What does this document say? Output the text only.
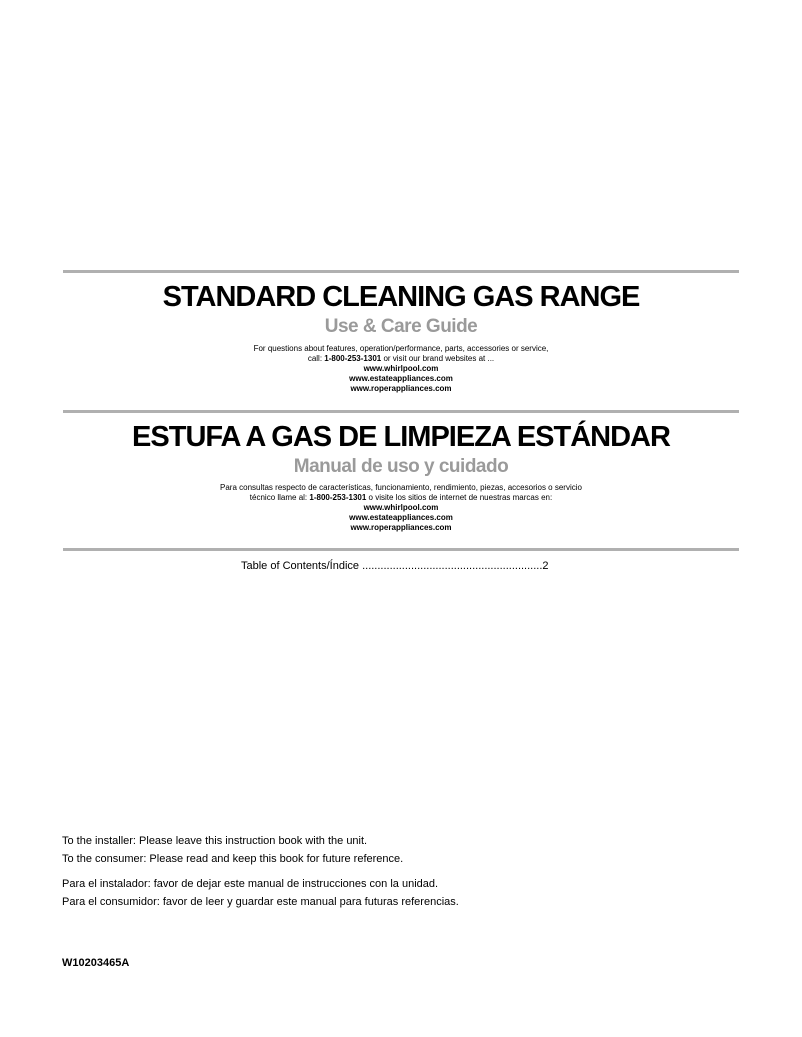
STANDARD CLEANING GAS RANGE
Use & Care Guide
For questions about features, operation/performance, parts, accessories or service,
call: 1-800-253-1301 or visit our brand websites at ...
www.whirlpool.com
www.estateappliances.com
www.roperappliances.com
ESTUFA A GAS DE LIMPIEZA ESTÁNDAR
Manual de uso y cuidado
Para consultas respecto de características, funcionamiento, rendimiento, piezas, accesorios o servicio
técnico llame al: 1-800-253-1301 o visite los sitios de internet de nuestras marcas en:
www.whirlpool.com
www.estateappliances.com
www.roperappliances.com
Table of Contents/Índice ...........................................................2
To the installer: Please leave this instruction book with the unit.
To the consumer: Please read and keep this book for future reference.
Para el instalador: favor de dejar este manual de instrucciones con la unidad.
Para el consumidor: favor de leer y guardar este manual para futuras referencias.
W10203465A
